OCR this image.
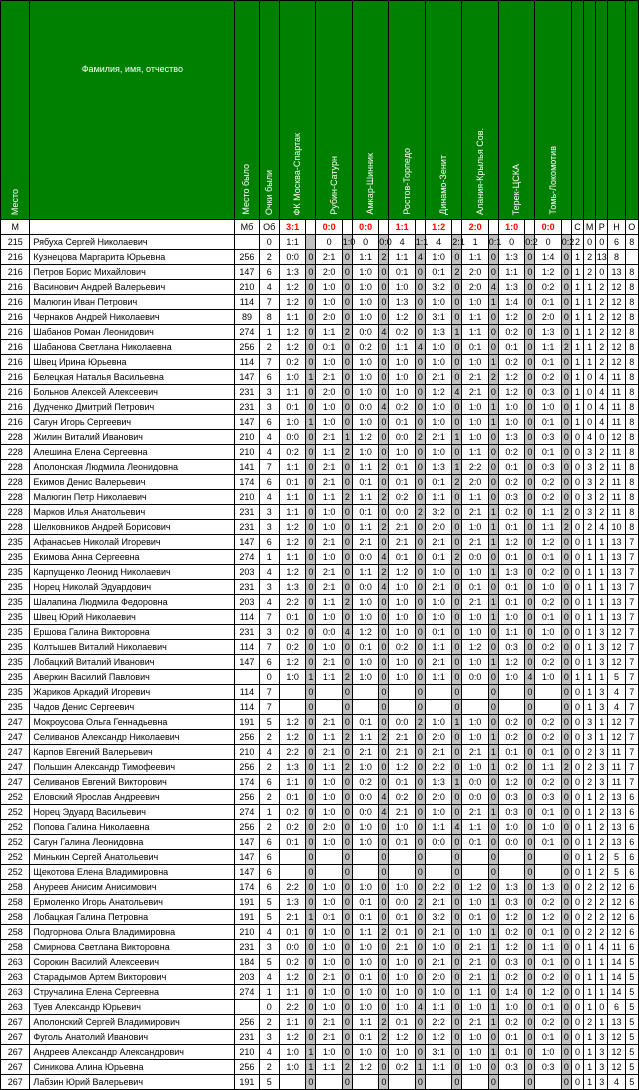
Место	Фамилия, имя, отчество	Место было	Очки были	ФК Москва-Спартак		Рубин-Сатурн		Амкар-Шинник		Ростов-Торпедо		Динамо-Зенит		Алания-Крылья Сов.		Терек-ЦСКА		Томь-Локомотив						
М		Мб	Об	3:1		0:0		0:0		1:1		1:2		2:0		1:0		0:0		С	М	Р	Н	О
215	Рябуха Сергей Николаевич		0	1:1		0	1:0	0	0:0	4	1:1	4	2:1	1	0:1	0	0:2	0	0:2	2	0	0	6	8
216	Кузнецова Маргарита Юрьевна	256	2	0:0	0	2:1	0	1:1	2	1:1	4	1:0	0	1:1	0	1:3	0	1:4	0	1	2	13	8	
216	Петров Борис Михайлович	147	6	1:3	0	2:0	0	1:0	0	0:1	0	0:1	2	2:0	0	1:1	0	1:2	0	1	2	0	13	8
216	Васинович Андрей Валерьевич	210	4	1:2	0	1:0	0	1:0	0	1:0	0	3:2	0	2:0	4	1:3	0	0:2	0	1	1	2	12	8
216	Малюгин Иван Петрович	114	7	1:2	0	1:0	0	1:0	0	1:3	0	1:0	0	1:0	1	1:4	0	0:1	0	1	1	2	12	8
216	Чернаков Андрей Николаевич	89	8	1:1	0	2:0	0	1:0	0	1:2	0	3:1	0	1:1	0	1:2	0	2:0	0	1	1	2	12	8
216	Шабанов Роман Леонидович	274	1	1:2	0	1:1	2	0:0	4	0:2	0	1:3	1	1:1	0	0:2	0	1:3	0	1	1	2	12	8
216	Шабанова Светлана Николаевна	256	2	1:2	0	0:1	0	0:2	0	1:1	4	1:0	0	0:1	0	0:1	0	1:1	2	1	1	2	12	8
216	Швец Ирина Юрьевна	114	7	0:2	0	1:0	0	1:0	0	1:0	0	1:0	0	1:0	1	0:2	0	0:1	0	1	1	2	12	8
216	Белецкая Наталья Васильевна	147	6	1:0	1	2:1	0	1:0	0	1:0	0	2:1	0	2:1	2	1:2	0	0:2	0	1	0	4	11	8
216	Больнов Алексей Алексеевич	231	3	1:1	0	2:0	0	1:0	0	1:0	0	1:2	4	2:1	0	1:2	0	0:3	0	1	0	4	11	8
216	Дудченко Дмитрий Петрович	231	3	0:1	0	1:0	0	0:0	4	0:2	0	1:0	0	1:0	1	1:0	0	1:0	0	1	0	4	11	8
216	Сагун Игорь Сергеевич	147	6	1:0	1	1:0	0	1:0	0	0:1	0	1:0	0	1:0	1	1:0	0	0:1	0	1	0	4	11	8
228	Жилин Виталий Иванович	210	4	0:0	0	2:1	1	1:2	0	0:0	2	2:1	1	1:0	0	1:3	0	0:3	0	0	4	0	12	8
228	Алешина Елена Сергеевна	210	4	0:2	0	1:1	2	1:0	0	1:0	0	1:0	0	1:1	0	0:2	0	0:1	0	0	3	2	11	8
228	Аполонская Людмила Леонидовна	141	7	1:1	0	2:1	0	1:1	2	0:1	0	1:3	1	2:2	0	0:1	0	0:3	0	0	3	2	11	8
228	Екимов Денис Валерьевич	174	6	0:1	0	2:1	0	0:1	0	0:1	0	0:1	2	2:0	0	0:2	0	0:2	0	0	3	2	11	8
228	Малюгин Петр Николаевич	210	4	1:1	0	1:1	2	1:1	2	0:2	0	1:1	0	1:1	0	0:3	0	0:2	0	0	3	2	11	8
228	Марков Илья Анатольевич	231	3	1:1	0	1:0	0	0:1	0	0:0	2	3:2	0	2:1	1	0:2	0	1:1	2	0	3	2	11	8
228	Шелковников Андрей Борисович	231	3	1:2	0	1:0	0	1:1	2	2:1	0	2:0	0	1:0	1	0:1	0	1:1	2	0	2	4	10	8
235	Афанасьев Николай Игоревич	147	6	1:2	0	2:1	0	2:1	0	2:1	0	2:1	0	2:1	1	1:2	0	1:2	0	0	1	1	13	7
235	Екимова Анна Сергеевна	274	1	1:1	0	1:0	0	0:0	4	0:1	0	0:1	2	0:0	0	0:1	0	0:1	0	0	1	1	13	7
235	Карпущенко Леонид Николаевич	203	4	1:2	0	2:1	0	1:1	2	1:2	0	1:0	0	1:0	1	1:3	0	0:2	0	0	1	1	13	7
235	Норец Николай Эдуардович	231	3	1:3	0	2:1	0	0:0	4	1:0	0	2:1	0	0:1	0	0:1	0	1:0	0	0	1	1	13	7
235	Шалапина Людмила Федоровна	203	4	2:2	0	1:1	2	1:0	0	1:0	0	1:0	0	2:1	1	0:1	0	0:2	0	0	1	1	13	7
235	Швец Юрий Николаевич	114	7	0:1	0	1:0	0	1:0	0	1:0	0	1:0	0	1:0	1	1:0	0	0:1	0	0	1	1	13	7
235	Ершова Галина Викторовна	231	3	0:2	0	0:0	4	1:2	0	1:0	0	0:1	0	1:0	0	1:1	0	1:0	0	0	1	3	12	7
235	Колтышев Виталий Николаевич	114	7	0:2	0	1:0	0	0:1	0	0:2	0	1:1	0	1:2	0	0:3	0	0:2	0	0	1	3	12	7
235	Лобацкий Виталий Иванович	147	6	1:2	0	2:1	0	1:0	0	1:0	0	2:1	0	1:0	1	1:2	0	0:2	0	0	1	3	12	7
235	Аверкин Василий Павлович		0	1:0	1	1:1	2	1:0	0	1:0	0	1:1	0	0:0	0	1:0	4	1:0	0	1	1	1	5	7
235	Жариков Аркадий Игоревич	114	7		0		0		0		0		0		0		0		0	0	1	3	4	7
235	Чадов Денис Сергеевич	114	7		0		0		0		0		0		0		0		0	0	1	3	4	7
247	Мокроусова Ольга Геннадьевна	191	5	1:2	0	2:1	0	0:1	0	0:0	2	1:0	1	1:0	0	0:2	0	0:2	0	0	3	1	12	7
247	Селиванов Александр Николаевич	256	2	1:2	0	1:1	2	1:1	2	2:1	0	2:0	0	1:0	1	0:2	0	0:2	0	0	3	1	12	7
247	Карпов Евгений Валерьевич	210	4	2:2	0	2:1	0	2:1	0	2:1	0	2:1	0	2:1	1	0:1	0	0:1	0	0	2	3	11	7
247	Польшин Александр Тимофеевич	256	2	1:3	0	1:1	2	1:0	0	1:2	0	2:2	0	1:0	1	0:2	0	1:1	2	0	2	3	11	7
247	Селиванов Евгений Викторович	174	6	1:1	0	1:0	0	0:2	0	0:1	0	1:3	1	0:0	0	1:2	0	0:2	0	0	2	3	11	7
252	Еловский Ярослав Андреевич	256	2	0:1	0	1:0	0	0:0	4	0:2	0	2:0	0	0:0	0	0:3	0	0:3	0	0	1	2	13	6
252	Норец Эдуард Васильевич	274	1	0:2	0	1:0	0	0:0	4	2:1	0	1:0	0	2:1	1	0:3	0	0:1	0	0	1	2	13	6
252	Попова Галина Николаевна	256	2	0:2	0	2:0	0	1:0	0	1:0	0	1:1	4	1:1	0	1:0	0	1:0	0	0	1	2	13	6
252	Сагун Галина Леонидовна	147	6	0:1	0	1:0	0	1:0	0	0:1	0	0:0	0	0:1	0	0:0	0	0:1	0	0	1	2	13	6
252	Минькин Сергей Анатольевич	147	6		0		0		0		0		0		0		0		0	0	1	2	5	6
252	Щекотова Елена Владимировна	147	6		0		0		0		0		0		0		0		0	0	1	2	5	6
258	Ануреев Анисим Анисимович	174	6	2:2	0	1:0	0	1:0	0	1:0	0	2:2	0	1:2	0	1:3	0	1:3	0	0	2	2	12	6
258	Ермоленко Игорь Анатольевич	191	5	1:3	0	1:0	0	0:1	0	0:0	2	2:1	0	1:0	1	0:3	0	0:2	0	0	2	2	12	6
258	Лобацкая Галина Петровна	191	5	2:1	1	0:1	0	0:1	0	0:1	0	3:2	0	0:1	0	1:2	0	1:2	0	0	2	2	12	6
258	Подгорнова Ольга Владимировна	210	4	0:1	0	1:0	0	1:1	2	0:1	0	2:1	0	1:0	1	0:2	0	0:1	0	0	2	2	12	6
258	Смирнова Светлана Викторовна	231	3	0:0	0	1:0	0	1:0	0	2:1	0	1:0	0	2:1	1	1:2	0	1:1	0	0	1	4	11	6
263	Сорокин Василий Алексеевич	184	5	0:2	0	1:0	0	1:0	0	1:0	0	2:1	0	2:1	0	0:3	0	0:1	0	0	1	1	14	5
263	Старадымов Артем Викторович	203	4	1:2	0	2:1	0	0:1	0	1:0	0	2:0	0	2:1	1	0:2	0	0:2	0	0	1	1	14	5
263	Стручалина Елена Сергеевна	274	1	1:1	0	1:0	0	1:0	0	1:0	0	1:0	0	1:1	0	1:4	0	1:2	0	0	1	1	14	5
263	Туев Александр Юрьевич		0	2:2	0	1:0	0	1:0	0	1:0	4	1:1	0	1:0	1	1:0	0	0:1	0	0	1	0	6	5
267	Аполонский Сергей Владимирович	256	2	1:1	0	2:1	0	1:1	2	0:1	0	2:2	0	2:1	1	0:2	0	0:2	0	0	2	1	13	5
267	Фуголь Анатолий Иванович	231	3	1:2	0	2:1	0	0:1	2	1:2	0	1:2	0	1:0	0	0:1	0	0:1	0	0	1	3	12	5
267	Андреев Александр Александрович	210	4	1:0	1	1:0	0	1:0	0	1:0	0	3:1	0	1:0	1	0:1	0	1:0	0	0	1	3	12	5
267	Синикова Алина Юрьевна	256	2	1:0	1	1:1	2	1:2	0	0:2	1	1:1	0	1:0	0	0:3	0	0:3	0	0	1	3	12	5
267	Лабзин Юрий Валерьевич	191	5		0		0		0		0		0		0		0		0	0	1	3	4	5
